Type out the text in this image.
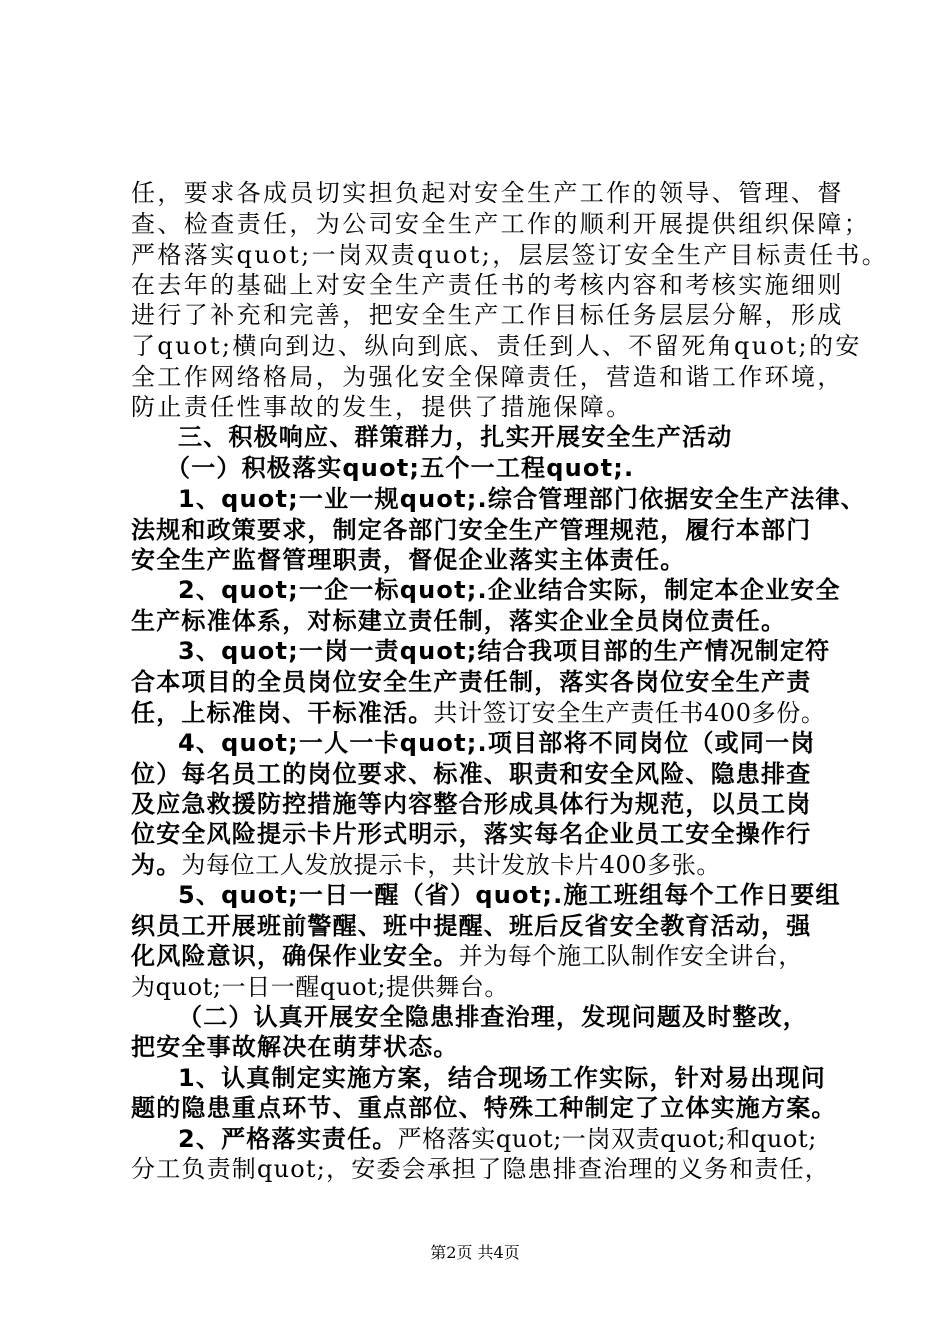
任，要求各成员切实担负起对安全生产工作的领导、管理、督
查、检查责任，为公司安全生产工作的顺利开展提供组织保障；
严格落实quot;一岗双责quot;，层层签订安全生产目标责任书。
在去年的基础上对安全生产责任书的考核内容和考核实施细则
进行了补充和完善，把安全生产工作目标任务层层分解，形成
了quot;横向到边、纵向到底、责任到人、不留死角quot;的安
全工作网络格局，为强化安全保障责任，营造和谐工作环境，
防止责任性事故的发生，提供了措施保障。
三、积极响应、群策群力，扎实开展安全生产活动
（一）积极落实quot;五个一工程quot;.
1、quot;一业一规quot;.综合管理部门依据安全生产法律、
法规和政策要求，制定各部门安全生产管理规范，履行本部门
安全生产监督管理职责，督促企业落实主体责任。
2、quot;一企一标quot;.企业结合实际，制定本企业安全
生产标准体系，对标建立责任制，落实企业全员岗位责任。
3、quot;一岗一责quot;结合我项目部的生产情况制定符
合本项目的全员岗位安全生产责任制，落实各岗位安全生产责
任，上标准岗、干标准活。共计签订安全生产责任书400多份。
4、quot;一人一卡quot;.项目部将不同岗位（或同一岗
位）每名员工的岗位要求、标准、职责和安全风险、隐患排查
及应急救援防控措施等内容整合形成具体行为规范，以员工岗
位安全风险提示卡片形式明示，落实每名企业员工安全操作行
为。为每位工人发放提示卡，共计发放卡片400多张。
5、quot;一日一醒（省）quot;.施工班组每个工作日要组
织员工开展班前警醒、班中提醒、班后反省安全教育活动，强
化风险意识，确保作业安全。并为每个施工队制作安全讲台，
为quot;一日一醒quot;提供舞台。
（二）认真开展安全隐患排查治理，发现问题及时整改，
把安全事故解决在萌芽状态。
1、认真制定实施方案，结合现场工作实际，针对易出现问
题的隐患重点环节、重点部位、特殊工种制定了立体实施方案。
2、严格落实责任。严格落实quot;一岗双责quot;和quot;
分工负责制quot;，安委会承担了隐患排查治理的义务和责任，
第2页 共4页
